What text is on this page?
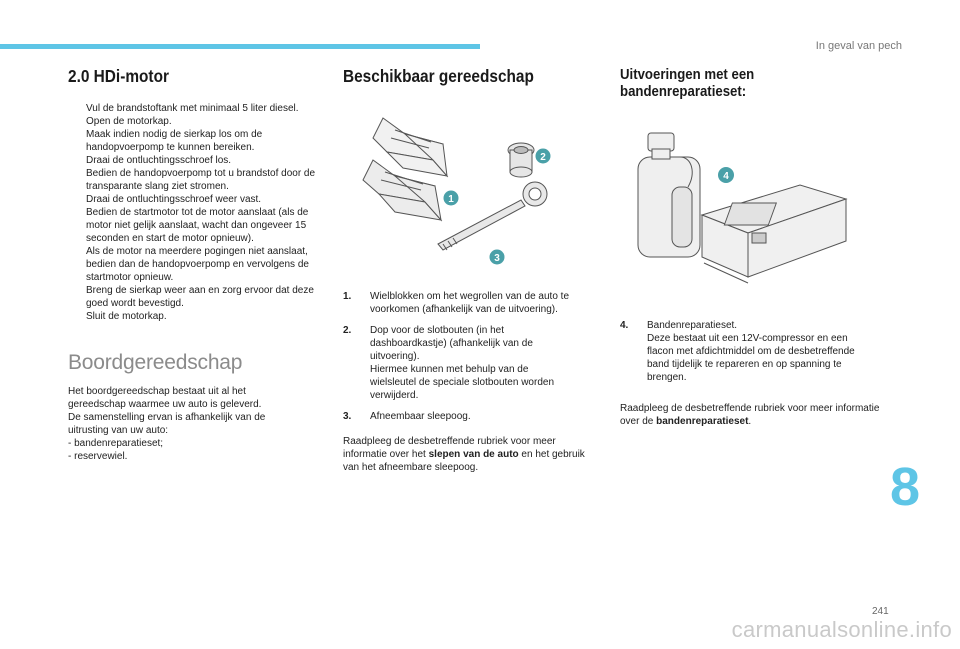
In geval van pech
2.0 HDi-motor
Vul de brandstoftank met minimaal 5 liter diesel.
Open de motorkap.
Maak indien nodig de sierkap los om de handopvoerpomp te kunnen bereiken.
Draai de ontluchtingsschroef los.
Bedien de handopvoerpomp tot u brandstof door de transparante slang ziet stromen.
Draai de ontluchtingsschroef weer vast.
Bedien de startmotor tot de motor aanslaat (als de motor niet gelijk aanslaat, wacht dan ongeveer 15 seconden en start de motor opnieuw).
Als de motor na meerdere pogingen niet aanslaat, bedien dan de handopvoerpomp en vervolgens de startmotor opnieuw.
Breng de sierkap weer aan en zorg ervoor dat deze goed wordt bevestigd.
Sluit de motorkap.
Boordgereedschap

Het boordgereedschap bestaat uit al het

gereedschap waarmee uw auto is geleverd.

De samenstelling ervan is afhankelijk van de

uitrusting van uw auto:

- bandenreparatieset;
- reservewiel.
Beschikbaar gereedschap
1
2
3
1. Wielblokken om het wegrollen van de auto te
voorkomen (afhankelijk van de uitvoering).
2. Dop voor de slotbouten (in het
dashboardkastje) (afhankelijk van de
uitvoering).
Hiermee kunnen met behulp van de
wielsleutel de speciale slotbouten worden
verwijderd.
3. Afneembaar sleepoog.

Raadpleeg de desbetreffende rubriek voor meer informatie over het slepen van de auto en het gebruik van het afneembare sleepoog.

Uitvoeringen met een bandenreparatieset:
4
4. Bandenreparatieset.
Deze bestaat uit een 12V-compressor en een
flacon met afdichtmiddel om de desbetreffende
band tijdelijk te repareren en op spanning te
brengen.

Raadpleeg de desbetreffende rubriek voor meer informatie over de bandenreparatieset.

8
241
carmanualsonline.info
